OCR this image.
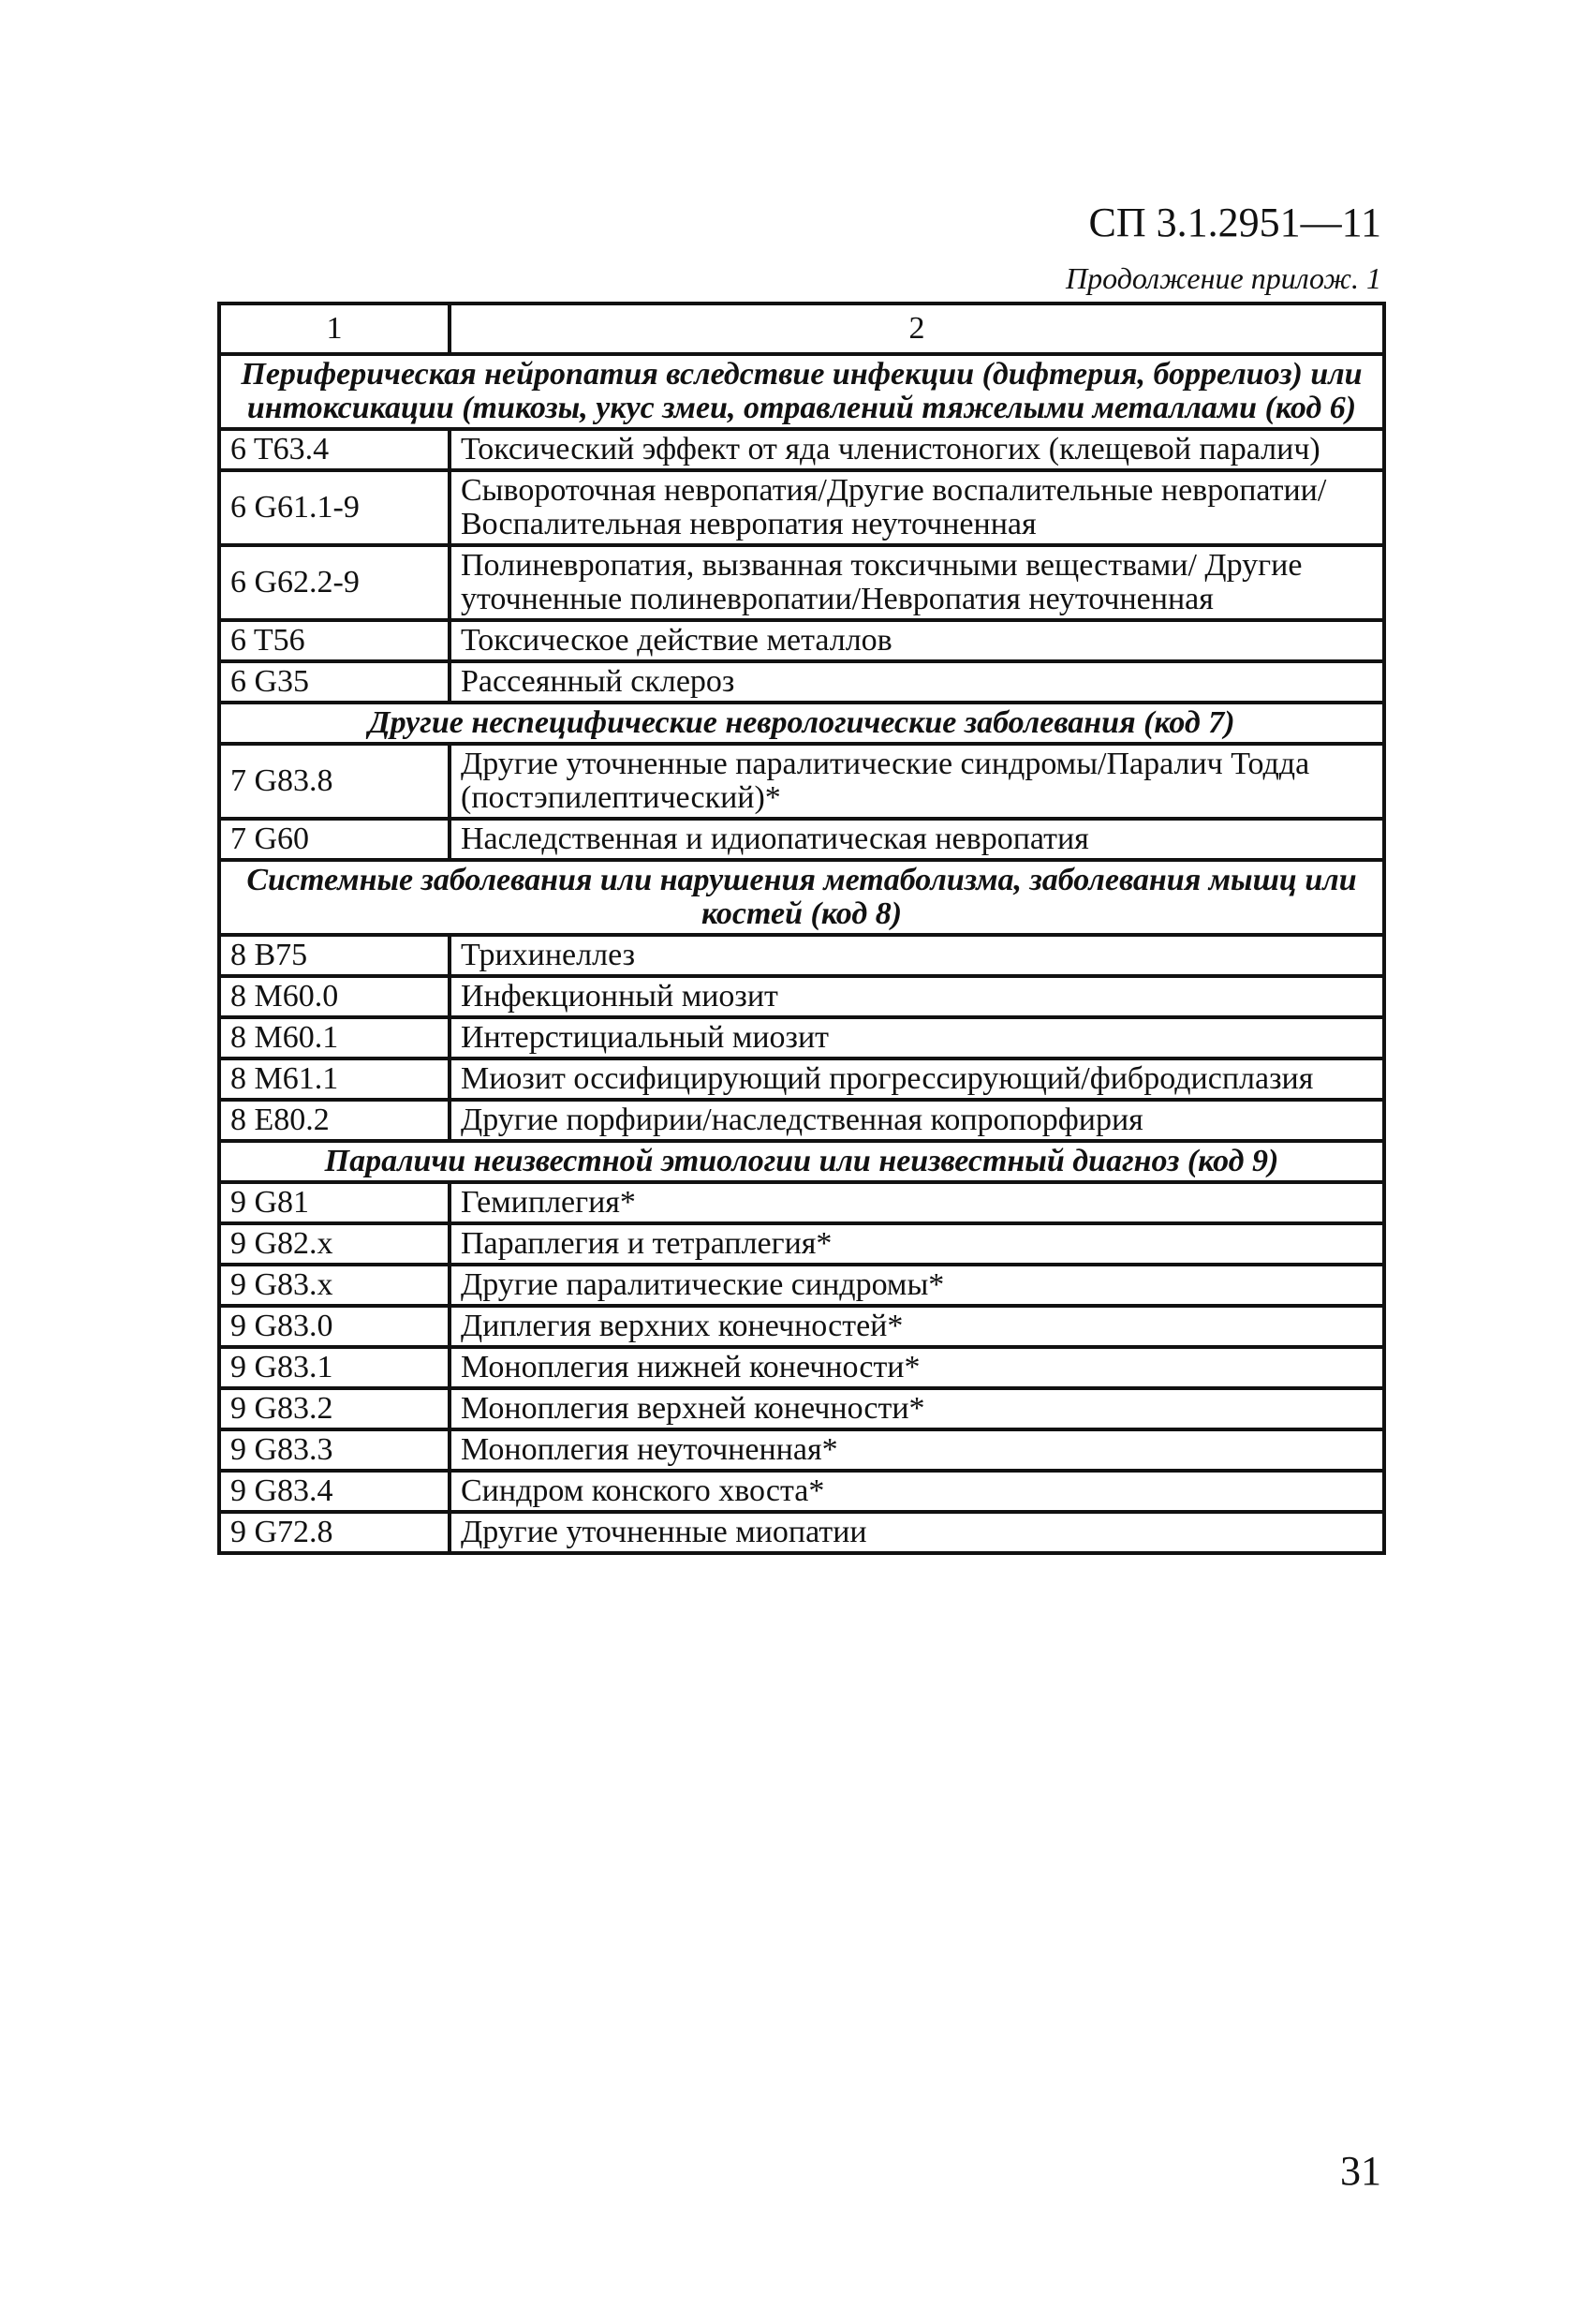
СП 3.1.2951—11
Продолжение прилож. 1
1	2
Периферическая нейропатия вследствие инфекции (дифтерия, боррелиоз) или интоксикации (тикозы, укус змеи, отравлений тяжелыми металлами (код 6)	
6 T63.4	Токсический эффект от яда членистоногих (клещевой паралич)
6 G61.1-9	Сывороточная невропатия/Другие воспалительные невропатии/Воспалительная невропатия неуточненная
6 G62.2-9	Полиневропатия, вызванная токсичными веществами/ Другие уточненные полиневропатии/Невропатия неуточненная
6 T56	Токсическое действие металлов
6 G35	Рассеянный склероз
Другие неспецифические неврологические заболевания (код 7)	
7 G83.8	Другие уточненные паралитические синдромы/Паралич Тодда (постэпилептический)*
7 G60	Наследственная и идиопатическая невропатия
Системные заболевания или нарушения метаболизма, заболевания мышц или костей (код 8)	
8 B75	Трихинеллез
8 M60.0	Инфекционный миозит
8 M60.1	Интерстициальный миозит
8 M61.1	Миозит оссифицирующий прогрессирующий/фибродисплазия
8 E80.2	Другие порфирии/наследственная копропорфирия
Параличи неизвестной этиологии или неизвестный диагноз (код 9)	
9 G81	Гемиплегия*
9 G82.x	Параплегия и тетраплегия*
9 G83.x	Другие паралитические синдромы*
9 G83.0	Диплегия верхних конечностей*
9 G83.1	Моноплегия нижней конечности*
9 G83.2	Моноплегия верхней конечности*
9 G83.3	Моноплегия неуточненная*
9 G83.4	Синдром конского хвоста*
9 G72.8	Другие уточненные миопатии
31
